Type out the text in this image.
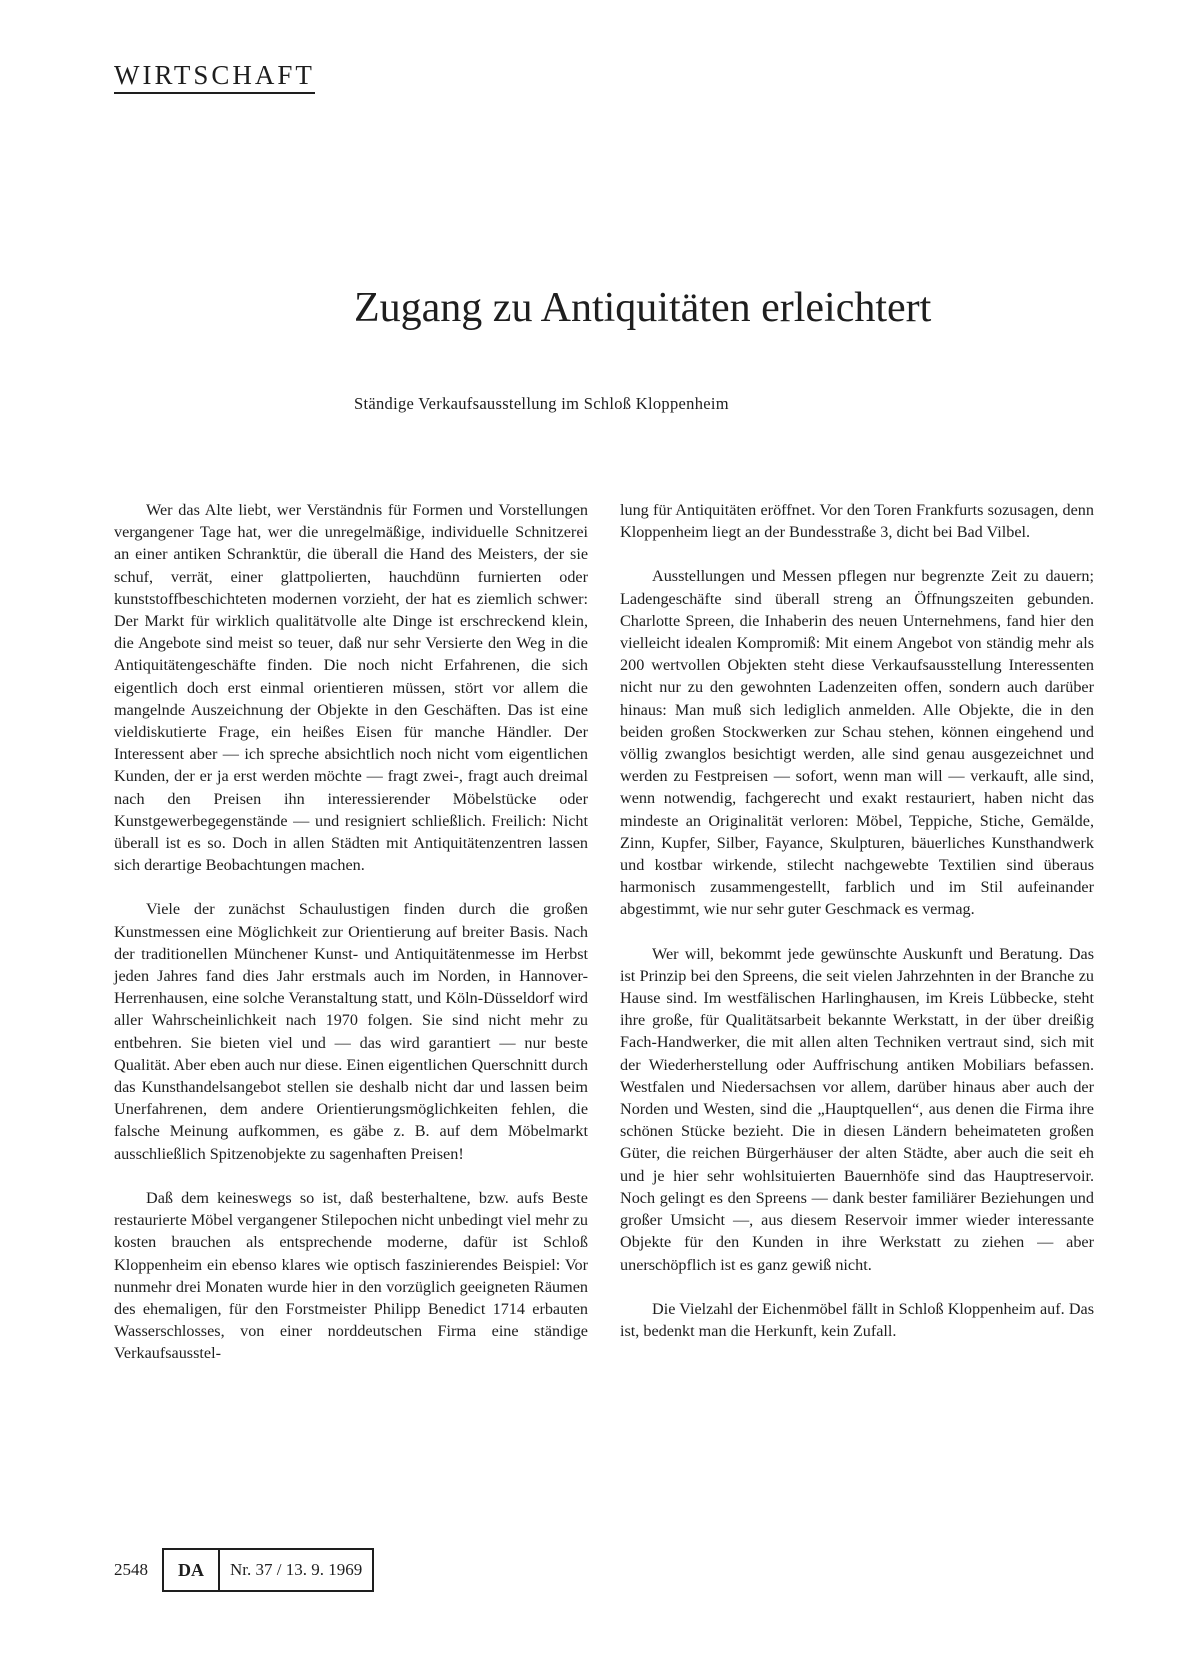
WIRTSCHAFT
Zugang zu Antiquitäten erleichtert
Ständige Verkaufsausstellung im Schloß Kloppenheim

Wer das Alte liebt, wer Verständnis für Formen und Vorstellungen vergangener Tage hat, wer die unregelmäßige, individuelle Schnitzerei an einer antiken Schranktür, die überall die Hand des Meisters, der sie schuf, verrät, einer glattpolierten, hauchdünn furnierten oder kunststoffbeschichteten modernen vorzieht, der hat es ziemlich schwer: Der Markt für wirklich qualitätvolle alte Dinge ist erschreckend klein, die Angebote sind meist so teuer, daß nur sehr Versierte den Weg in die Antiquitätengeschäfte finden. Die noch nicht Erfahrenen, die sich eigentlich doch erst einmal orientieren müssen, stört vor allem die mangelnde Auszeichnung der Objekte in den Geschäften. Das ist eine vieldiskutierte Frage, ein heißes Eisen für manche Händler. Der Interessent aber — ich spreche absichtlich noch nicht vom eigentlichen Kunden, der er ja erst werden möchte — fragt zwei-, fragt auch dreimal nach den Preisen ihn interessierender Möbelstücke oder Kunstgewerbegegenstände — und resigniert schließlich. Freilich: Nicht überall ist es so. Doch in allen Städten mit Antiquitätenzentren lassen sich derartige Beobachtungen machen.

Viele der zunächst Schaulustigen finden durch die großen Kunstmessen eine Möglichkeit zur Orientierung auf breiter Basis. Nach der traditionellen Münchener Kunst- und Antiquitätenmesse im Herbst jeden Jahres fand dies Jahr erstmals auch im Norden, in Hannover-Herrenhausen, eine solche Veranstaltung statt, und Köln-Düsseldorf wird aller Wahrscheinlichkeit nach 1970 folgen. Sie sind nicht mehr zu entbehren. Sie bieten viel und — das wird garantiert — nur beste Qualität. Aber eben auch nur diese. Einen eigentlichen Querschnitt durch das Kunsthandelsangebot stellen sie deshalb nicht dar und lassen beim Unerfahrenen, dem andere Orientierungsmöglichkeiten fehlen, die falsche Meinung aufkommen, es gäbe z. B. auf dem Möbelmarkt ausschließlich Spitzenobjekte zu sagenhaften Preisen!

Daß dem keineswegs so ist, daß besterhaltene, bzw. aufs Beste restaurierte Möbel vergangener Stilepochen nicht unbedingt viel mehr zu kosten brauchen als entsprechende moderne, dafür ist Schloß Kloppenheim ein ebenso klares wie optisch faszinierendes Beispiel: Vor nunmehr drei Monaten wurde hier in den vorzüglich geeigneten Räumen des ehemaligen, für den Forstmeister Philipp Benedict 1714 erbauten Wasserschlosses, von einer norddeutschen Firma eine ständige Verkaufsausstel-

lung für Antiquitäten eröffnet. Vor den Toren Frankfurts sozusagen, denn Kloppenheim liegt an der Bundesstraße 3, dicht bei Bad Vilbel.

Ausstellungen und Messen pflegen nur begrenzte Zeit zu dauern; Ladengeschäfte sind überall streng an Öffnungszeiten gebunden. Charlotte Spreen, die Inhaberin des neuen Unternehmens, fand hier den vielleicht idealen Kompromiß: Mit einem Angebot von ständig mehr als 200 wertvollen Objekten steht diese Verkaufsausstellung Interessenten nicht nur zu den gewohnten Ladenzeiten offen, sondern auch darüber hinaus: Man muß sich lediglich anmelden. Alle Objekte, die in den beiden großen Stockwerken zur Schau stehen, können eingehend und völlig zwanglos besichtigt werden, alle sind genau ausgezeichnet und werden zu Festpreisen — sofort, wenn man will — verkauft, alle sind, wenn notwendig, fachgerecht und exakt restauriert, haben nicht das mindeste an Originalität verloren: Möbel, Teppiche, Stiche, Gemälde, Zinn, Kupfer, Silber, Fayance, Skulpturen, bäuerliches Kunsthandwerk und kostbar wirkende, stilecht nachgewebte Textilien sind überaus harmonisch zusammengestellt, farblich und im Stil aufeinander abgestimmt, wie nur sehr guter Geschmack es vermag.

Wer will, bekommt jede gewünschte Auskunft und Beratung. Das ist Prinzip bei den Spreens, die seit vielen Jahrzehnten in der Branche zu Hause sind. Im westfälischen Harlinghausen, im Kreis Lübbecke, steht ihre große, für Qualitätsarbeit bekannte Werkstatt, in der über dreißig Fach-Handwerker, die mit allen alten Techniken vertraut sind, sich mit der Wiederherstellung oder Auffrischung antiken Mobiliars befassen. Westfalen und Niedersachsen vor allem, darüber hinaus aber auch der Norden und Westen, sind die „Hauptquellen“, aus denen die Firma ihre schönen Stücke bezieht. Die in diesen Ländern beheimateten großen Güter, die reichen Bürgerhäuser der alten Städte, aber auch die seit eh und je hier sehr wohlsituierten Bauernhöfe sind das Hauptreservoir. Noch gelingt es den Spreens — dank bester familiärer Beziehungen und großer Umsicht —, aus diesem Reservoir immer wieder interessante Objekte für den Kunden in ihre Werkstatt zu ziehen — aber unerschöpflich ist es ganz gewiß nicht.

Die Vielzahl der Eichenmöbel fällt in Schloß Kloppenheim auf. Das ist, bedenkt man die Herkunft, kein Zufall.

2548	DA	Nr. 37 / 13. 9. 1969
